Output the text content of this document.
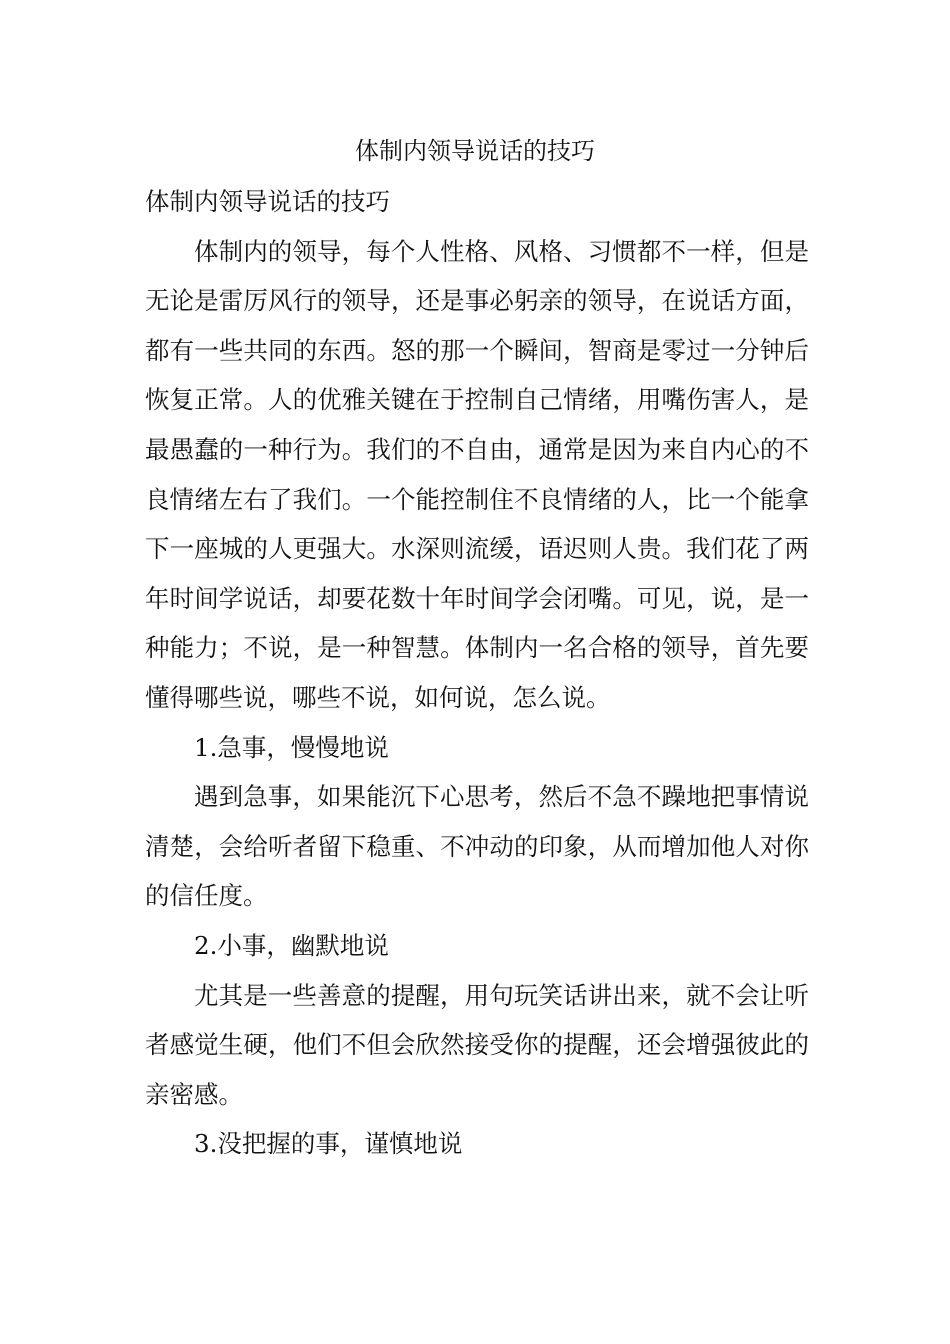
体制内领导说话的技巧

体制内领导说话的技巧

体制内的领导，每个人性格、风格、习惯都不一样，但是无论是雷厉风行的领导，还是事必躬亲的领导，在说话方面，都有一些共同的东西。怒的那一个瞬间，智商是零过一分钟后恢复正常。人的优雅关键在于控制自己情绪，用嘴伤害人，是最愚蠢的一种行为。我们的不自由，通常是因为来自内心的不良情绪左右了我们。一个能控制住不良情绪的人，比一个能拿下一座城的人更强大。水深则流缓，语迟则人贵。我们花了两年时间学说话，却要花数十年时间学会闭嘴。可见，说，是一种能力；不说，是一种智慧。体制内一名合格的领导，首先要懂得哪些说，哪些不说，如何说，怎么说。

1.急事，慢慢地说

遇到急事，如果能沉下心思考，然后不急不躁地把事情说清楚，会给听者留下稳重、不冲动的印象，从而增加他人对你的信任度。

2.小事，幽默地说

尤其是一些善意的提醒，用句玩笑话讲出来，就不会让听者感觉生硬，他们不但会欣然接受你的提醒，还会增强彼此的亲密感。

3.没把握的事，谨慎地说
